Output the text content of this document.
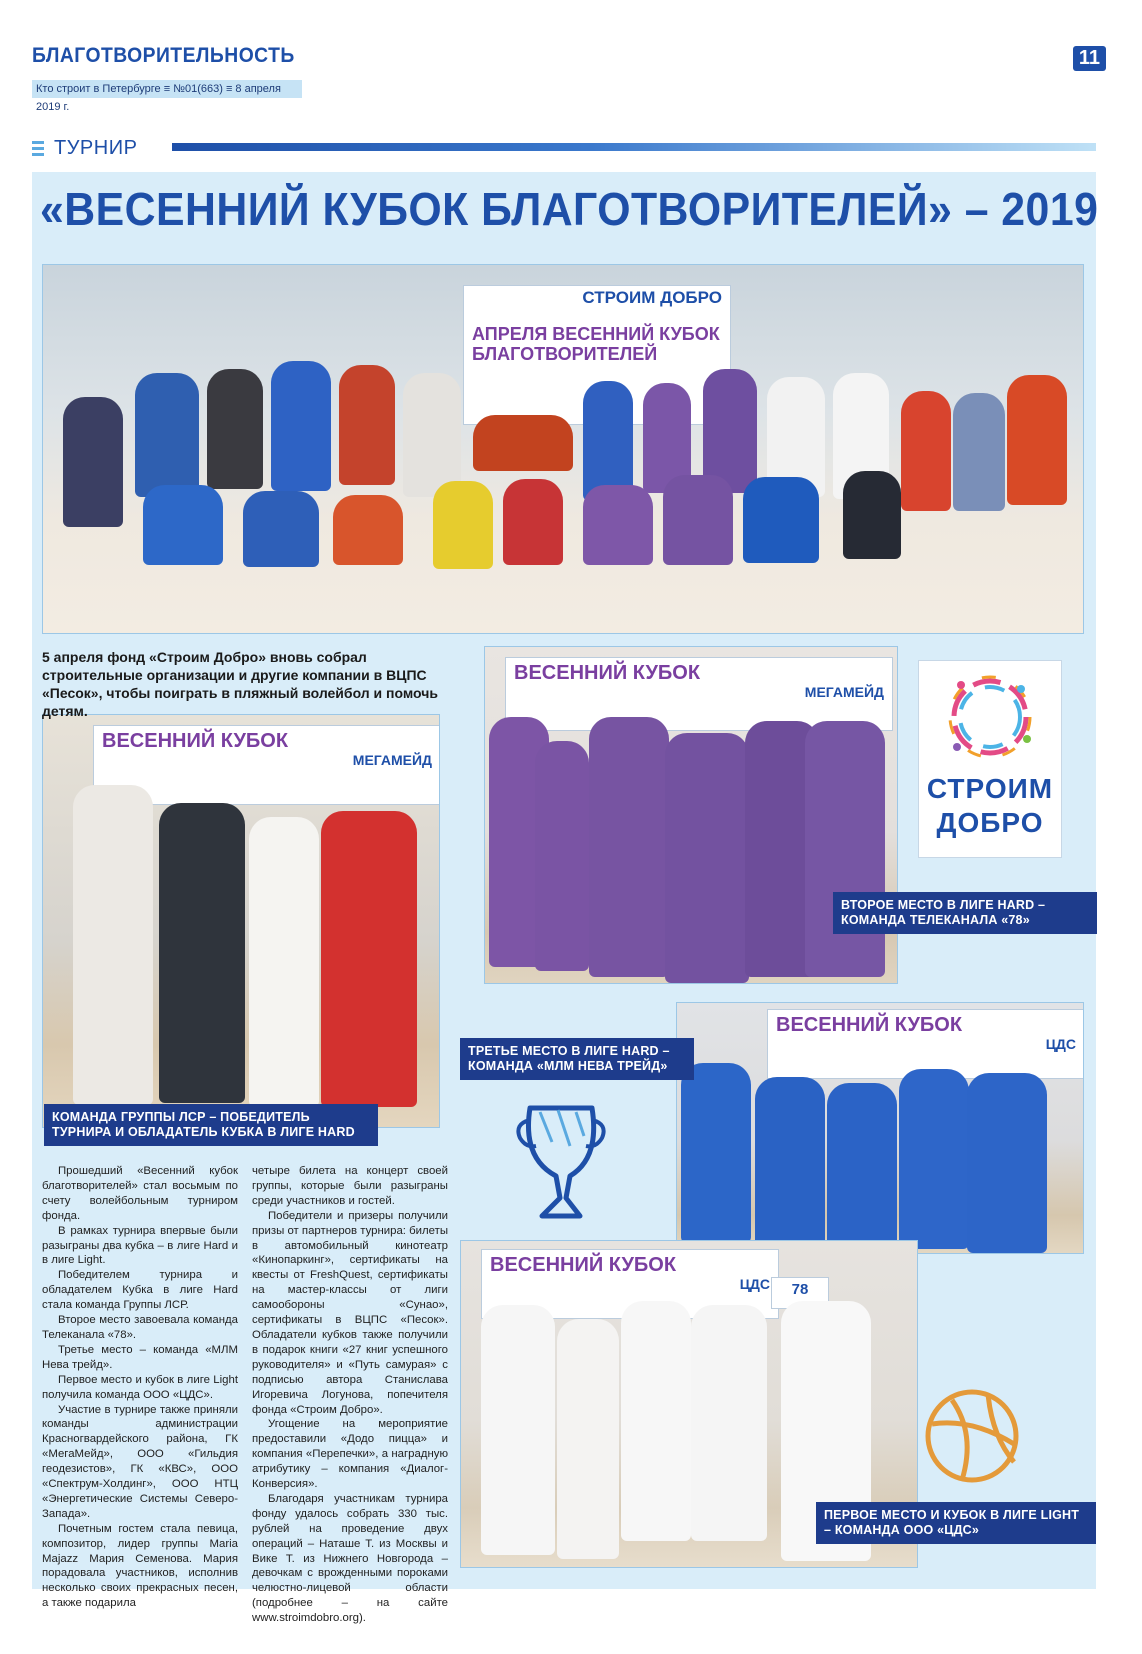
БЛАГОТВОРИТЕЛЬНОСТЬ	11
Кто строит в Петербурге ≡ №01(663) ≡ 8 апреля 2019 г.
ТУРНИР
«ВЕСЕННИЙ КУБОК БЛАГОТВОРИТЕЛЕЙ» – 2019
СТРОИМ ДОБРО
АПРЕЛЯ ВЕСЕННИЙ КУБОК БЛАГОТВОРИТЕЛЕЙ
ВЕСЕННИЙ КУБОК
МЕГАМЕЙД
КОМАНДА ГРУППЫ ЛСР – ПОБЕДИТЕЛЬ ТУРНИРА И ОБЛАДАТЕЛЬ КУБКА В ЛИГЕ HARD
ВЕСЕННИЙ КУБОК
МЕГАМЕЙД
ВТОРОЕ МЕСТО В ЛИГЕ HARD – КОМАНДА ТЕЛЕКАНАЛА «78»
СТРОИМ
ДОБРО
ВЕСЕННИЙ КУБОК
ЦДС
ТРЕТЬЕ МЕСТО В ЛИГЕ HARD – КОМАНДА «МЛМ НЕВА ТРЕЙД»
ВЕСЕННИЙ КУБОК
ЦДС	78
ПЕРВОЕ МЕСТО И КУБОК В ЛИГЕ LIGHT – КОМАНДА ООО «ЦДС»
5 апреля фонд «Строим Добро» вновь собрал строительные организации и другие компании в ВЦПС «Песок», чтобы поиграть в пляжный волейбол и помочь детям.

Прошедший «Весенний кубок благотворителей» стал восьмым по счету волейбольным турниром фонда.

В рамках турнира впервые были разыграны два кубка – в лиге Hard и в лиге Light.

Победителем турнира и обладателем Кубка в лиге Hard стала команда Группы ЛСР.

Второе место завоевала команда Телеканала «78».

Третье место – команда «МЛМ Нева трейд».

Первое место и кубок в лиге Light получила команда ООО «ЦДС».

Участие в турнире также приняли команды администрации Красногвардейского района, ГК «МегаМейд», ООО «Гильдия геодезистов», ГК «КВС», ООО «Спектрум-Холдинг», ООО НТЦ «Энергетические Системы Северо-Запада».

Почетным гостем стала певица, композитор, лидер группы Maria Majazz Мария Семенова. Мария порадовала участников, исполнив несколько своих прекрасных песен, а также подарила

четыре билета на концерт своей группы, которые были разыграны среди участников и гостей.

Победители и призеры получили призы от партнеров турнира: билеты в автомобильный кинотеатр «Кинопаркинг», сертификаты на квесты от FreshQuest, сертификаты на мастер-классы от лиги самообороны «Сунао», сертификаты в ВЦПС «Песок». Обладатели кубков также получили в подарок книги «27 книг успешного руководителя» и «Путь самурая» с подписью автора Станислава Игоревича Логунова, попечителя фонда «Строим Добро».

Угощение на мероприятие предоставили «Додо пицца» и компания «Перепечки», а наградную атрибутику – компания «Диалог-Конверсия».

Благодаря участникам турнира фонду удалось собрать 330 тыс. рублей на проведение двух операций – Наташе Т. из Москвы и Вике Т. из Нижнего Новгорода – девочкам с врожденными пороками челюстно-лицевой области (подробнее – на сайте www.stroimdobro.org).
